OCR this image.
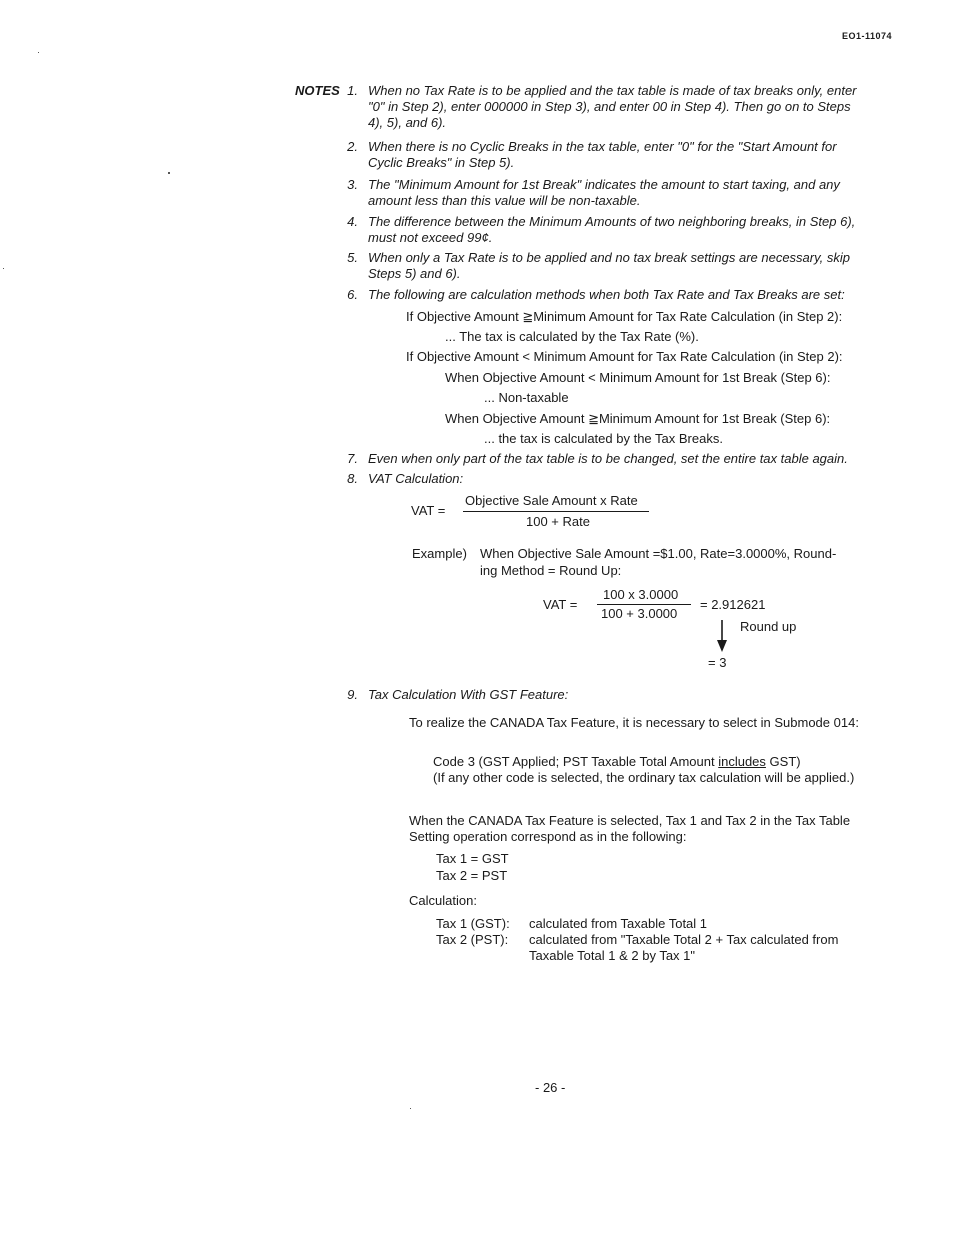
EO1-11074
NOTES 1. When no Tax Rate is to be applied and the tax table is made of tax breaks only, enter "0" in Step 2), enter 000000 in Step 3), and enter 00 in Step 4). Then go on to Steps 4), 5), and 6).
2. When there is no Cyclic Breaks in the tax table, enter "0" for the "Start Amount for Cyclic Breaks" in Step 5).
3. The "Minimum Amount for 1st Break" indicates the amount to start taxing, and any amount less than this value will be non-taxable.
4. The difference between the Minimum Amounts of two neighboring breaks, in Step 6), must not exceed 99¢.
5. When only a Tax Rate is to be applied and no tax break settings are necessary, skip Steps 5) and 6).
6. The following are calculation methods when both Tax Rate and Tax Breaks are set:
If Objective Amount ≧Minimum Amount for Tax Rate Calculation (in Step 2):
... The tax is calculated by the Tax Rate (%).
If Objective Amount < Minimum Amount for Tax Rate Calculation (in Step 2):
When Objective Amount < Minimum Amount for 1st Break (Step 6):
... Non-taxable
When Objective Amount ≧Minimum Amount for 1st Break (Step 6):
... the tax is calculated by the Tax Breaks.
7. Even when only part of the tax table is to be changed, set the entire tax table again.
8. VAT Calculation:
VAT =
Objective Sale Amount x Rate
100 + Rate
Example) When Objective Sale Amount =$1.00, Rate=3.0000%, Round-
ing Method = Round Up:
VAT =
100 x 3.0000
100 + 3.0000
= 2.912621
Round up
= 3
9. Tax Calculation With GST Feature:
To realize the CANADA Tax Feature, it is necessary to select in Submode 014:
Code 3 (GST Applied; PST Taxable Total Amount includes GST)
(If any other code is selected, the ordinary tax calculation will be applied.)
When the CANADA Tax Feature is selected, Tax 1 and Tax 2 in the Tax Table Setting operation correspond as in the following:
Tax 1 = GST
Tax 2 = PST
Calculation:
Tax 1 (GST): calculated from Taxable Total 1
Tax 2 (PST): calculated from "Taxable Total 2 + Tax calculated from Taxable Total 1 & 2 by Tax 1"
- 26 -
